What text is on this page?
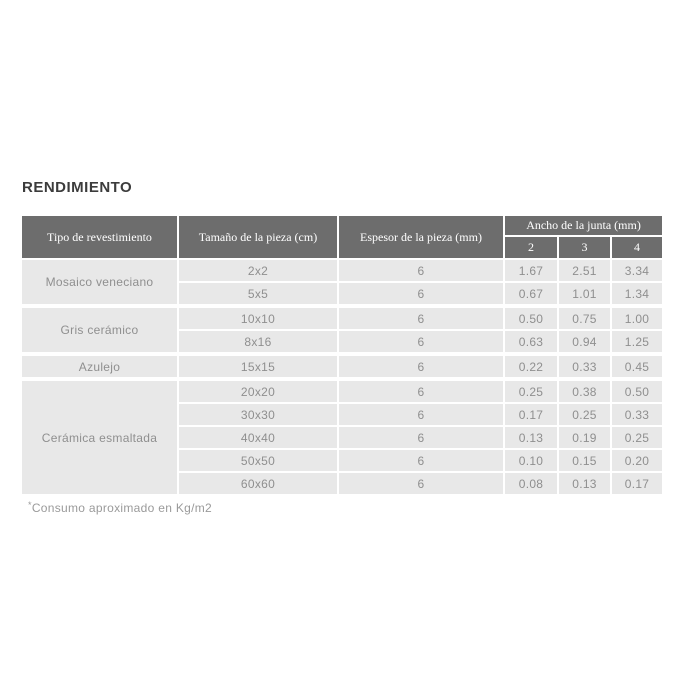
RENDIMIENTO
Tipo de revestimiento	Tamaño de la pieza (cm)	Espesor de la pieza (mm)	Ancho de la junta (mm)		
			2	3	4
Mosaico veneciano	2x2	6	1.67	2.51	3.34
	5x5	6	0.67	1.01	1.34
Gris cerámico	10x10	6	0.50	0.75	1.00
	8x16	6	0.63	0.94	1.25
Azulejo	15x15	6	0.22	0.33	0.45
Cerámica esmaltada	20x20	6	0.25	0.38	0.50
	30x30	6	0.17	0.25	0.33
	40x40	6	0.13	0.19	0.25
	50x50	6	0.10	0.15	0.20
	60x60	6	0.08	0.13	0.17

*Consumo aproximado en Kg/m2
